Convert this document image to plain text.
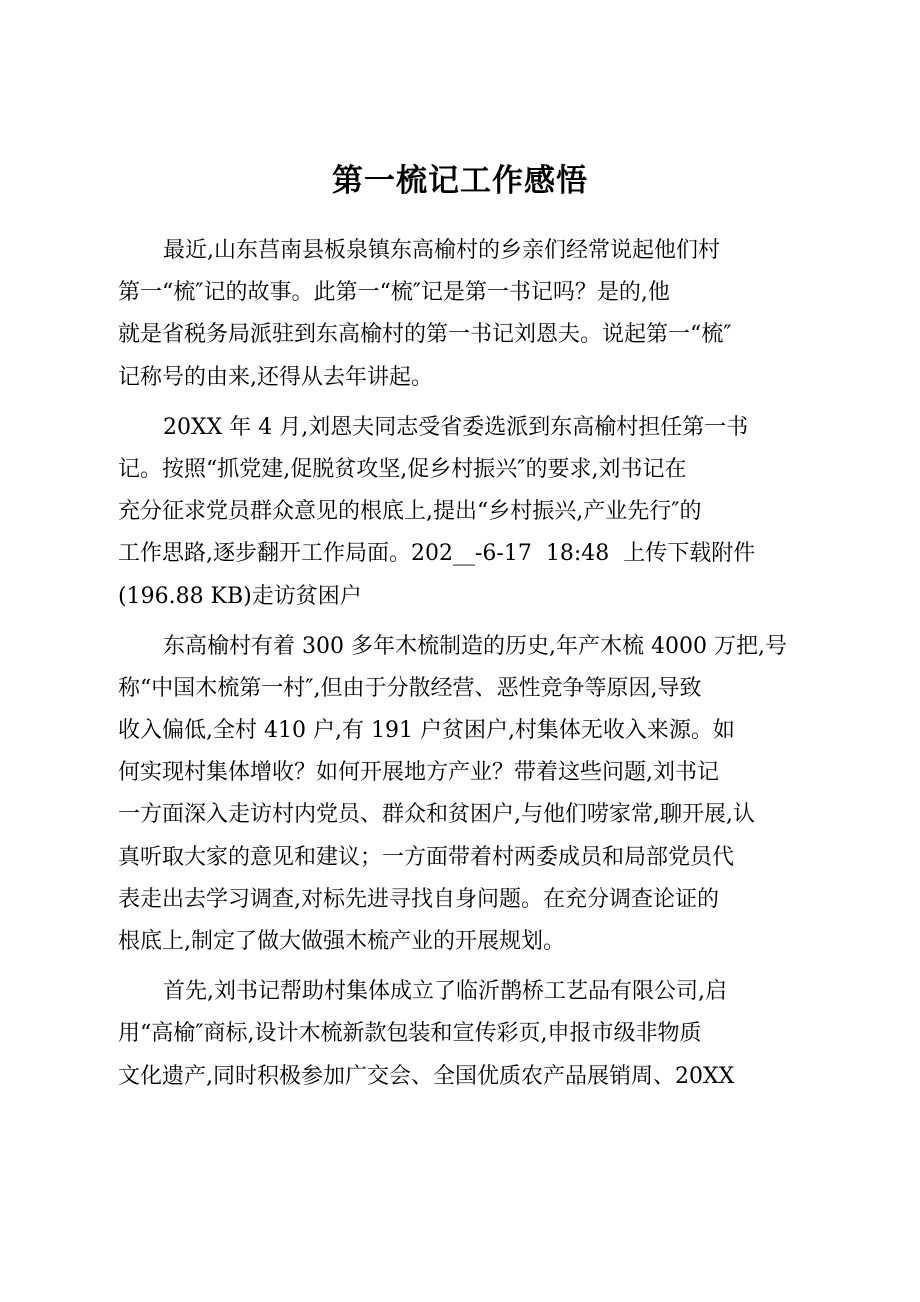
第一梳记工作感悟
最近,山东莒南县板泉镇东高榆村的乡亲们经常说起他们村
第一“梳″记的故事。此第一“梳″记是第一书记吗？是的,他
就是省税务局派驻到东高榆村的第一书记刘恩夫。说起第一“梳″
记称号的由来,还得从去年讲起。
20XX 年 4 月,刘恩夫同志受省委选派到东高榆村担任第一书
记。按照“抓党建,促脱贫攻坚,促乡村振兴″的要求,刘书记在
充分征求党员群众意见的根底上,提出“乡村振兴,产业先行″的
工作思路,逐步翻开工作局面。202__-6-17  18:48  上传下载附件
(196.88 KB)走访贫困户
东高榆村有着 300 多年木梳制造的历史,年产木梳 4000 万把,号
称“中国木梳第一村″,但由于分散经营、恶性竞争等原因,导致
收入偏低,全村 410 户,有 191 户贫困户,村集体无收入来源。如
何实现村集体增收？如何开展地方产业？带着这些问题,刘书记
一方面深入走访村内党员、群众和贫困户,与他们唠家常,聊开展,认
真听取大家的意见和建议；一方面带着村两委成员和局部党员代
表走出去学习调查,对标先进寻找自身问题。在充分调查论证的
根底上,制定了做大做强木梳产业的开展规划。
首先,刘书记帮助村集体成立了临沂鹊桥工艺品有限公司,启
用“高榆″商标,设计木梳新款包装和宣传彩页,申报市级非物质
文化遗产,同时积极参加广交会、全国优质农产品展销周、20XX
